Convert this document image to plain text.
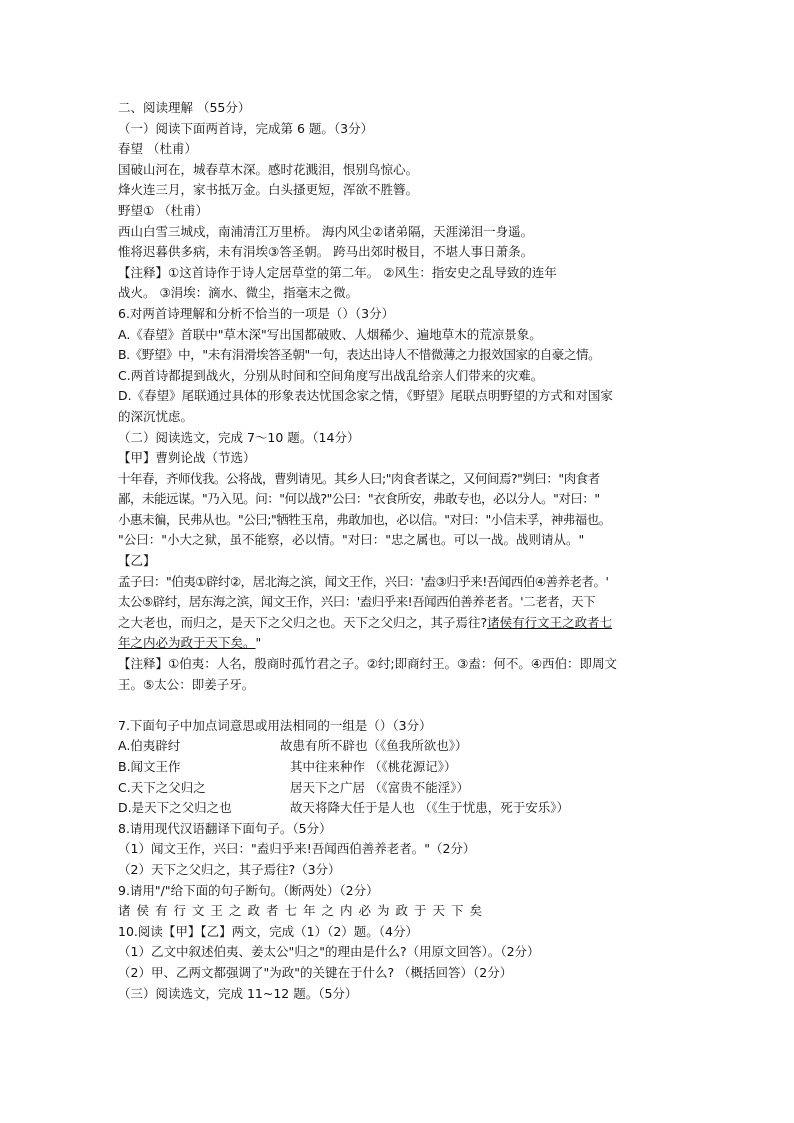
二、阅读理解 （55分）
（一）阅读下面两首诗，完成第 6 题。（3分）
春望 （杜甫）
国破山河在，城春草木深。感时花溅泪，恨别鸟惊心。
烽火连三月，家书抵万金。白头搔更短，浑欲不胜簪。
野望① （杜甫）
西山白雪三城戍，南浦清江万里桥。 海内风尘②诸弟隔，天涯涕泪一身遥。
惟将迟暮供多病，未有涓埃③答圣朝。 跨马出郊时极目，不堪人事日萧条。
【注释】①这首诗作于诗人定居草堂的第二年。 ②风生：指安史之乱导致的连年
战火。 ③涓埃：滴水、微尘，指毫末之微。
6.对两首诗理解和分析不恰当的一项是（）（3分）
A.《春望》首联中"草木深"写出国都破败、人烟稀少、遍地草木的荒凉景象。
B.《野望》中，"未有涓滑埃答圣朝"一句，表达出诗人不惜微薄之力报效国家的自豪之情。
C.两首诗都提到战火，分别从时间和空间角度写出战乱给亲人们带来的灾难。
D.《春望》尾联通过具体的形象表达忧国念家之情，《野望》尾联点明野望的方式和对国家
的深沉忧虑。
（二）阅读选文，完成 7～10 题。（14分）
【甲】曹刿论战（节选）
十年春，齐师伐我。公将战，曹刿请见。其乡人曰;"肉食者谋之，又何间焉?"刿曰："肉食者
鄙，未能远谋。"乃入见。问："何以战?"公曰："衣食所安，弗敢专也，必以分人。"对曰："
小惠未徧，民弗从也。"公曰;"牺牲玉帛，弗敢加也，必以信。"对曰："小信未孚，神弗福也。
"公曰："小大之狱，虽不能察，必以情。"对曰："忠之属也。可以一战。战则请从。"
【乙】
孟子曰："伯夷①辟纣②，居北海之滨，闻文王作，兴曰：'盍③归乎来!吾闻西伯④善养老者。'
太公⑤辟纣，居东海之滨，闻文王作，兴曰：'盍归乎来!吾闻西伯善养老者。'二老者，天下
之大老也，而归之，是天下之父归之也。天下之父归之，其子焉往?诸侯有行文王之政者七
年之内必为政于天下矣。"
【注释】①伯夷：人名，殷商时孤竹君之子。②纣;即商纣王。③盍：何不。④西伯：即周文
王。⑤太公：即姜子牙。
7.下面句子中加点词意思或用法相同的一组是（）（3分）
A.伯夷辟纣	故患有所不辟也（《鱼我所欲也》）
B.闻文王作	其中往来种作 （《桃花源记》）
C.天下之父归之	居天下之广居 （《富贵不能淫》）
D.是天下之父归之也	故天将降大任于是人也 （《生于忧患，死于安乐》）
8.请用现代汉语翻译下面句子。（5分）
（1）闻文王作，兴曰："盍归乎来!吾闻西伯善养老者。"（2分）
（2）天下之父归之，其子焉往?（3分）
9.请用"/"给下面的句子断句。（断两处）（2分）
诸侯有行文王之政者七年之内必为政于天下矣
10.阅读【甲】【乙】两文，完成（1）（2）题。（4分）
（1）乙文中叙述伯夷、姜太公"归之"的理由是什么?（用原文回答）。（2分）
（2）甲、乙两文都强调了"为政"的关键在于什么? （概括回答）（2分）
（三）阅读选文，完成 11~12 题。（5分）
